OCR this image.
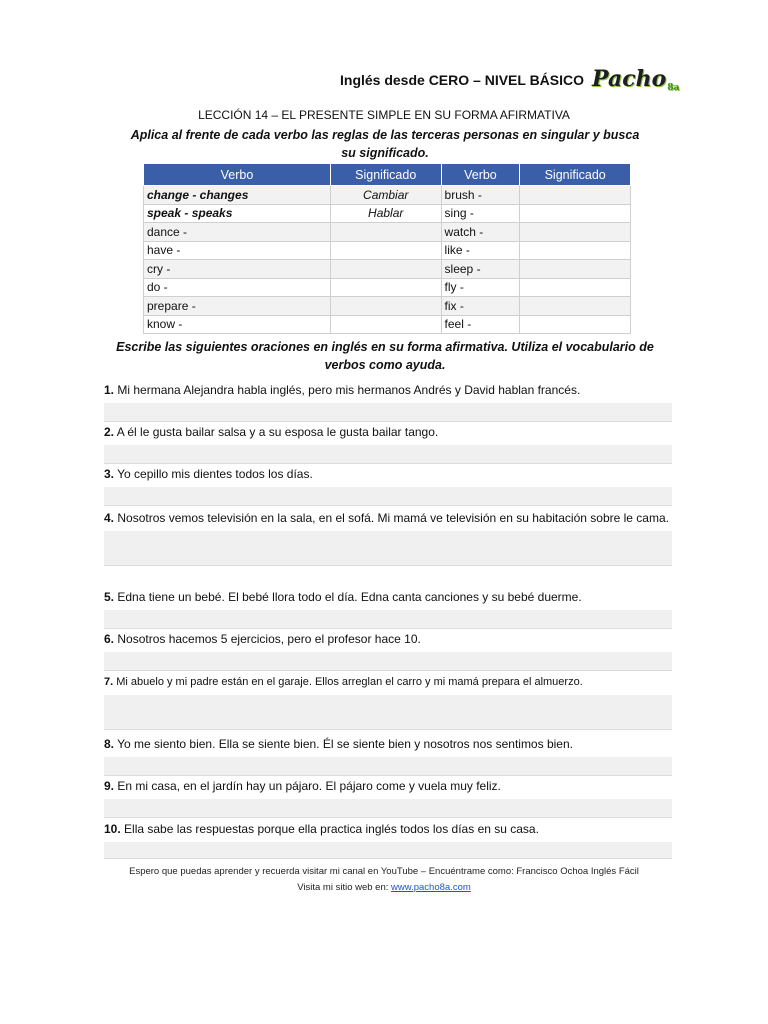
Inglés desde CERO – NIVEL BÁSICO Pacho$_{8a}$
LECCIÓN 14 – EL PRESENTE SIMPLE EN SU FORMA AFIRMATIVA
Aplica al frente de cada verbo las reglas de las terceras personas en singular y busca su significado.
Verbo	Significado	Verbo	Significado
change - changes	Cambiar	brush -	
speak - speaks	Hablar	sing -	
dance -		watch -	
have -		like -	
cry -		sleep -	
do -		fly -	
prepare -		fix -	
know -		feel -	
Escribe las siguientes oraciones en inglés en su forma afirmativa. Utiliza el vocabulario de verbos como ayuda.
1. Mi hermana Alejandra habla inglés, pero mis hermanos Andrés y David hablan francés.
2. A él le gusta bailar salsa y a su esposa le gusta bailar tango.
3. Yo cepillo mis dientes todos los días.
4. Nosotros vemos televisión en la sala, en el sofá. Mi mamá ve televisión en su habitación sobre le cama.
5. Edna tiene un bebé. El bebé llora todo el día. Edna canta canciones y su bebé duerme.
6. Nosotros hacemos 5 ejercicios, pero el profesor hace 10.
7. Mi abuelo y mi padre están en el garaje. Ellos arreglan el carro y mi mamá prepara el almuerzo.
8. Yo me siento bien. Ella se siente bien. Él se siente bien y nosotros nos sentimos bien.
9. En mi casa, en el jardín hay un pájaro. El pájaro come y vuela muy feliz.
10. Ella sabe las respuestas porque ella practica inglés todos los días en su casa.
Espero que puedas aprender y recuerda visitar mi canal en YouTube – Encuéntrame como: Francisco Ochoa Inglés Fácil
Visita mi sitio web en: www.pacho8a.com
